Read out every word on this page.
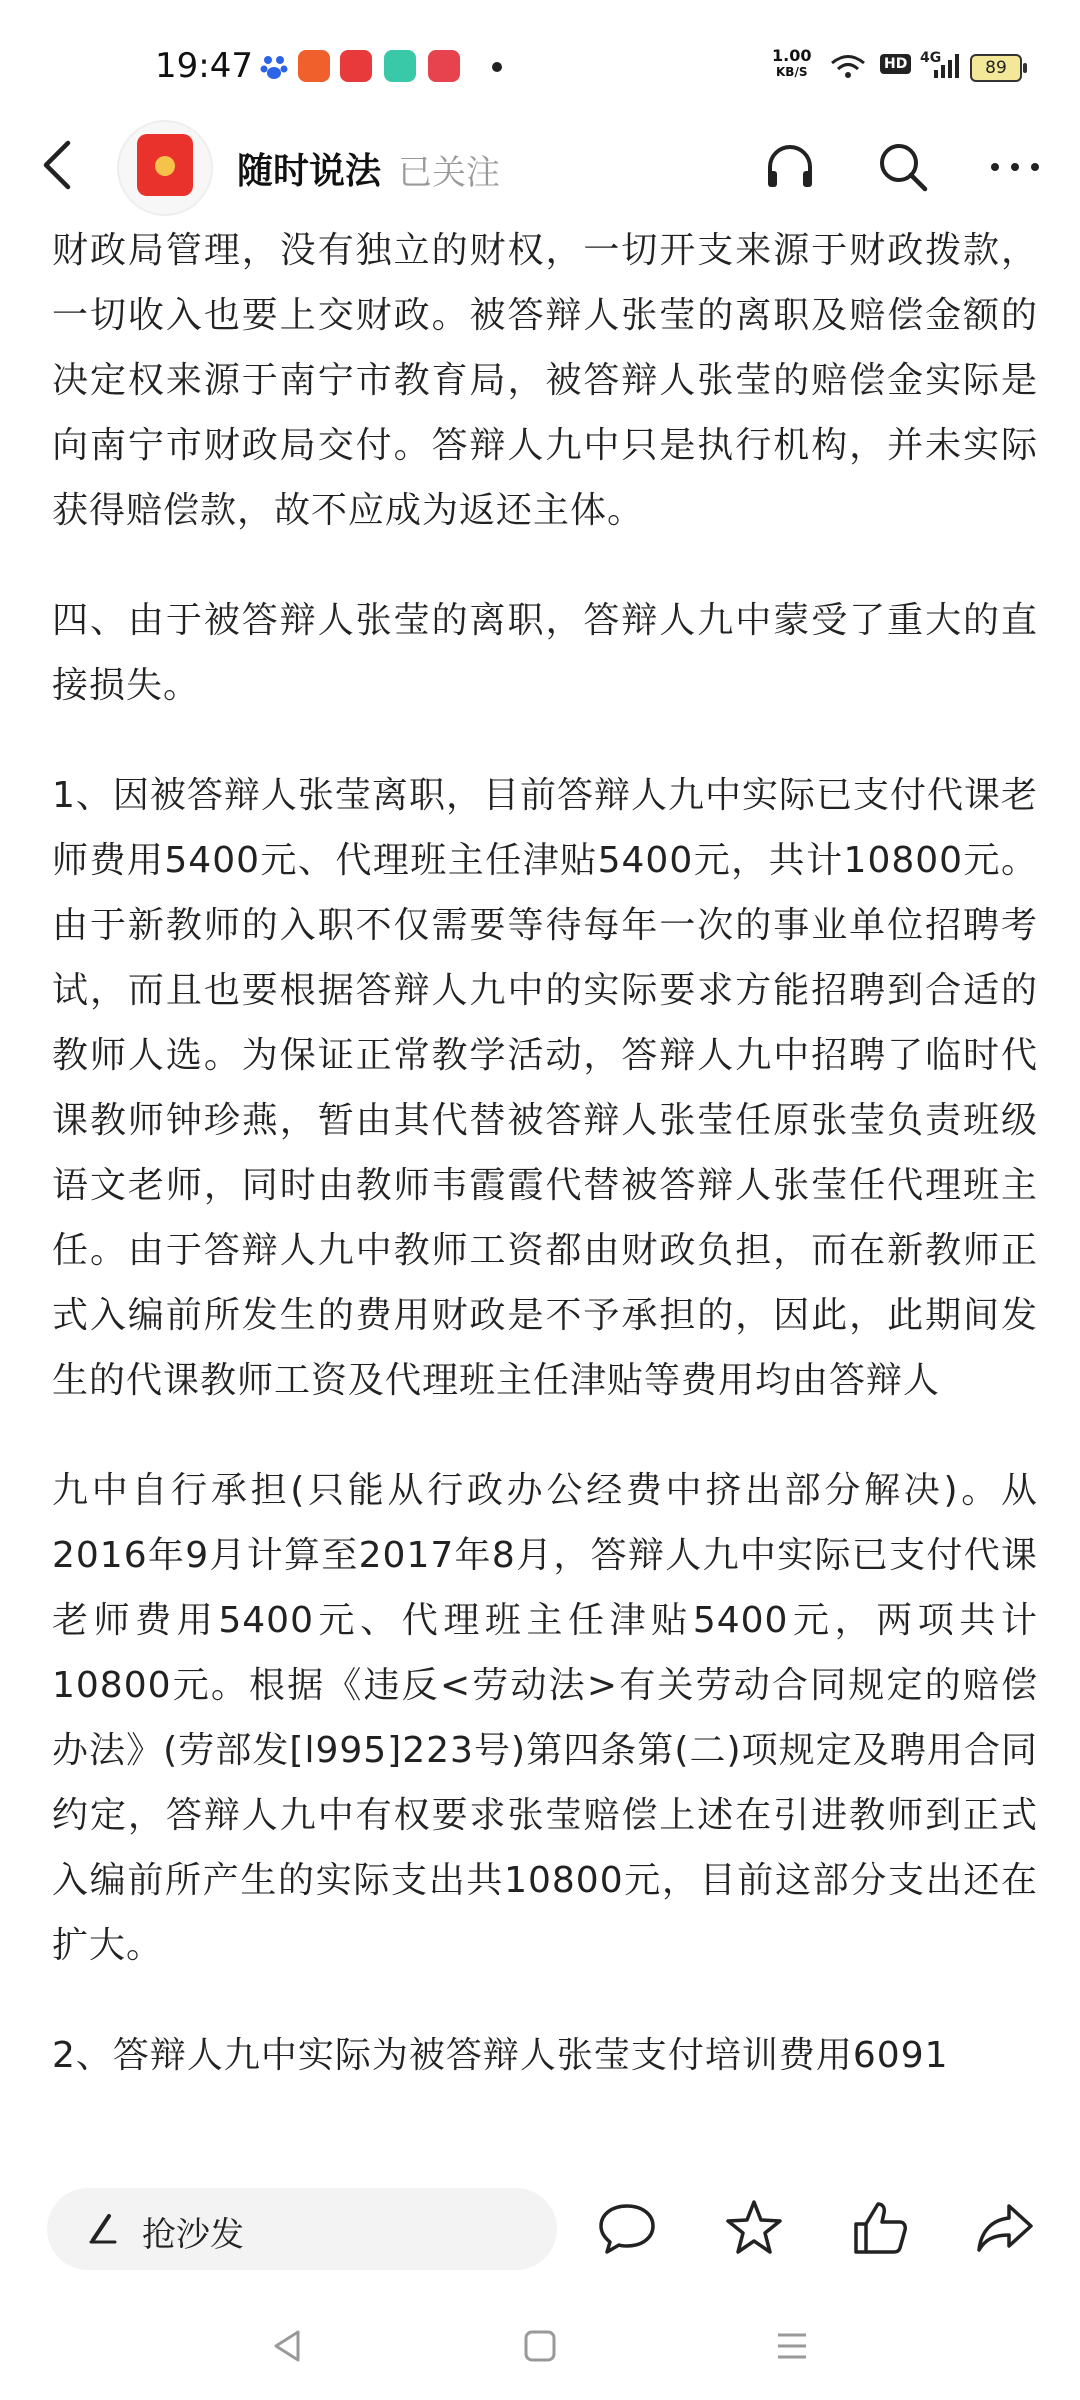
19:47	1.00
KB/S	HD 4G	89
随时说法 已关注

财政局管理，没有独立的财权，一切开支来源于财政拨款，一切收入也要上交财政。被答辩人张莹的离职及赔偿金额的决定权来源于南宁市教育局，被答辩人张莹的赔偿金实际是向南宁市财政局交付。答辩人九中只是执行机构，并未实际获得赔偿款，故不应成为返还主体。

四、由于被答辩人张莹的离职，答辩人九中蒙受了重大的直接损失。

1、因被答辩人张莹离职，目前答辩人九中实际已支付代课老师费用5400元、代理班主任津贴5400元，共计10800元。由于新教师的入职不仅需要等待每年一次的事业单位招聘考试，而且也要根据答辩人九中的实际要求方能招聘到合适的教师人选。为保证正常教学活动，答辩人九中招聘了临时代课教师钟珍燕，暂由其代替被答辩人张莹任原张莹负责班级语文老师，同时由教师韦霞霞代替被答辩人张莹任代理班主任。由于答辩人九中教师工资都由财政负担，而在新教师正式入编前所发生的费用财政是不予承担的，因此，此期间发生的代课教师工资及代理班主任津贴等费用均由答辩人

九中自行承担(只能从行政办公经费中挤出部分解决)。从2016年9月计算至2017年8月，答辩人九中实际已支付代课老师费用5400元、代理班主任津贴5400元，两项共计10800元。根据《违反<劳动法>有关劳动合同规定的赔偿办法》(劳部发[l995]223号)第四条第(二)项规定及聘用合同约定，答辩人九中有权要求张莹赔偿上述在引进教师到正式入编前所产生的实际支出共10800元，目前这部分支出还在扩大。

2、答辩人九中实际为被答辩人张莹支付培训费用6091

抢沙发
